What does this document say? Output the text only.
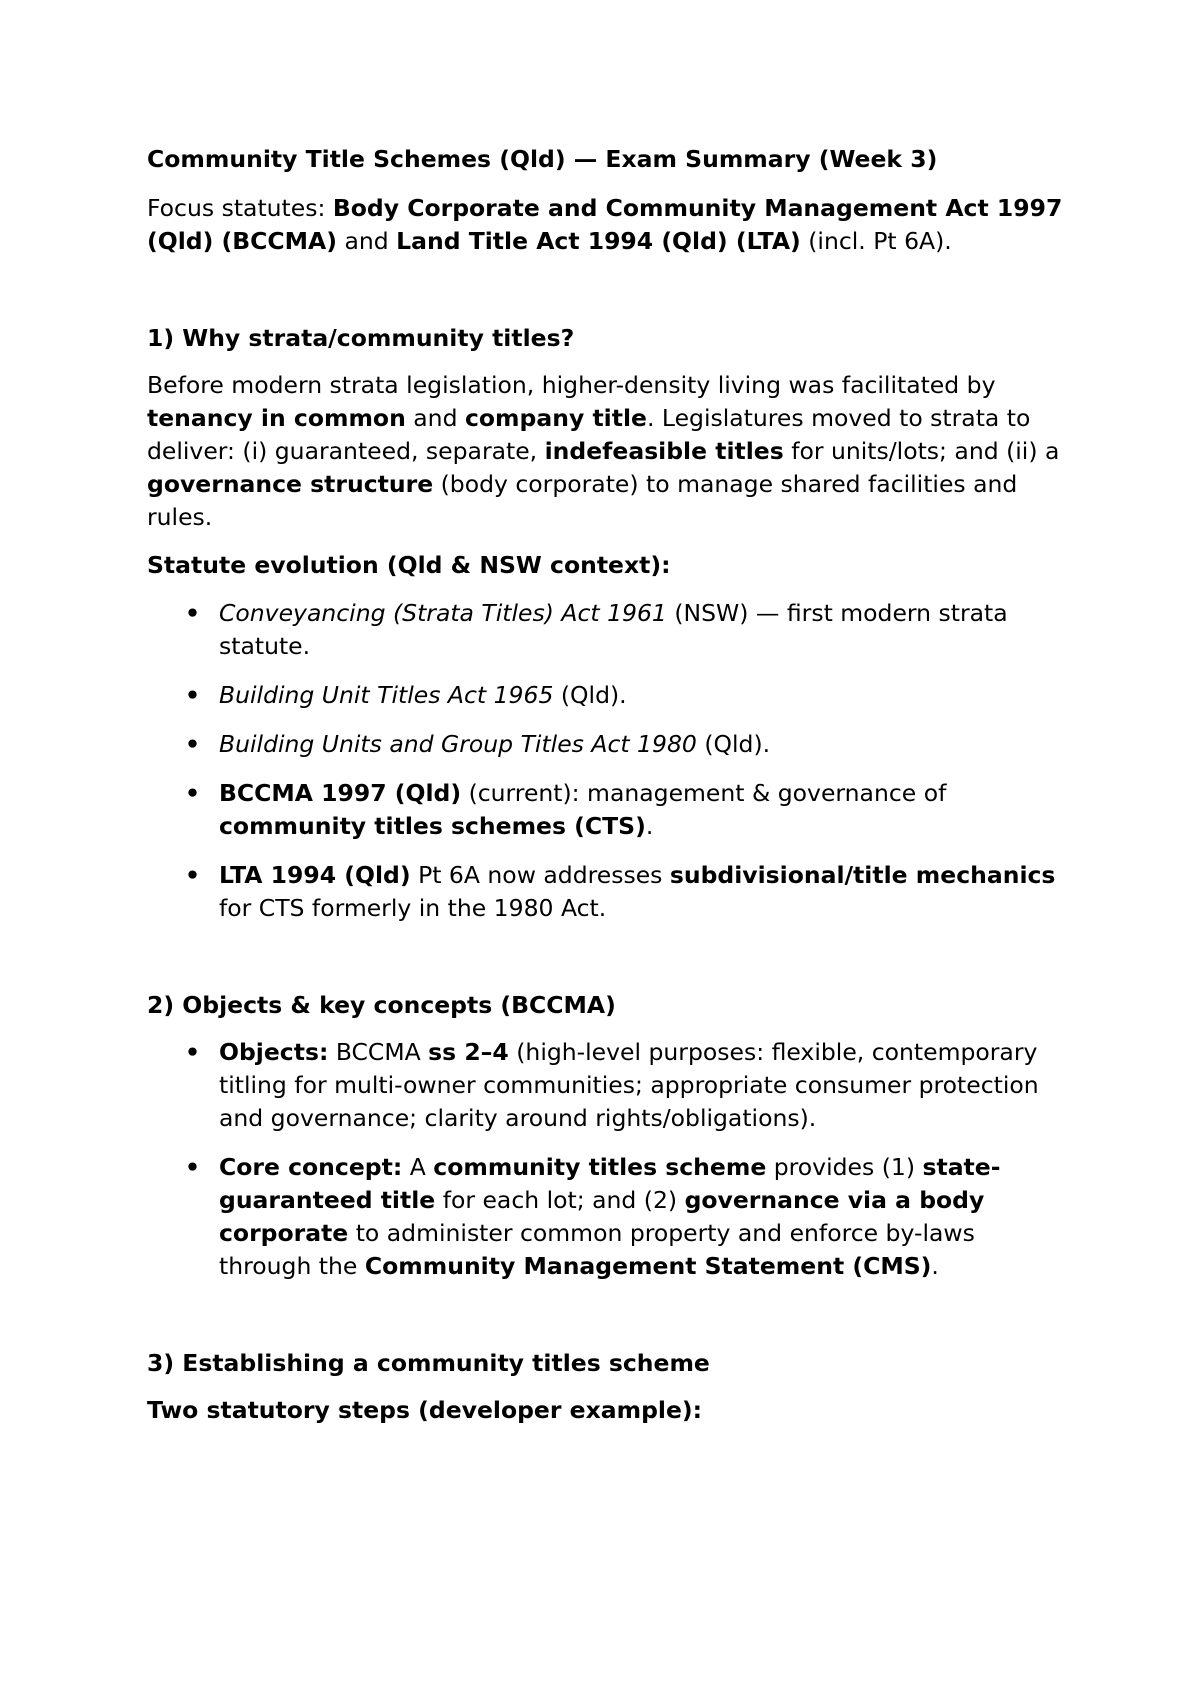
Community Title Schemes (Qld) — Exam Summary (Week 3)

Focus statutes: Body Corporate and Community Management Act 1997 (Qld) (BCCMA) and Land Title Act 1994 (Qld) (LTA) (incl. Pt 6A).

1) Why strata/community titles?

Before modern strata legislation, higher-density living was facilitated by tenancy in common and company title. Legislatures moved to strata to deliver: (i) guaranteed, separate, indefeasible titles for units/lots; and (ii) a governance structure (body corporate) to manage shared facilities and rules.

Statute evolution (Qld & NSW context):

• Conveyancing (Strata Titles) Act 1961 (NSW) — first modern strata statute.
• Building Unit Titles Act 1965 (Qld).
• Building Units and Group Titles Act 1980 (Qld).
• BCCMA 1997 (Qld) (current): management & governance of community titles schemes (CTS).
• LTA 1994 (Qld) Pt 6A now addresses subdivisional/title mechanics for CTS formerly in the 1980 Act.

2) Objects & key concepts (BCCMA)

• Objects: BCCMA ss 2–4 (high-level purposes: flexible, contemporary titling for multi-owner communities; appropriate consumer protection and governance; clarity around rights/obligations).
• Core concept: A community titles scheme provides (1) state-guaranteed title for each lot; and (2) governance via a body corporate to administer common property and enforce by-laws through the Community Management Statement (CMS).

3) Establishing a community titles scheme

Two statutory steps (developer example):
